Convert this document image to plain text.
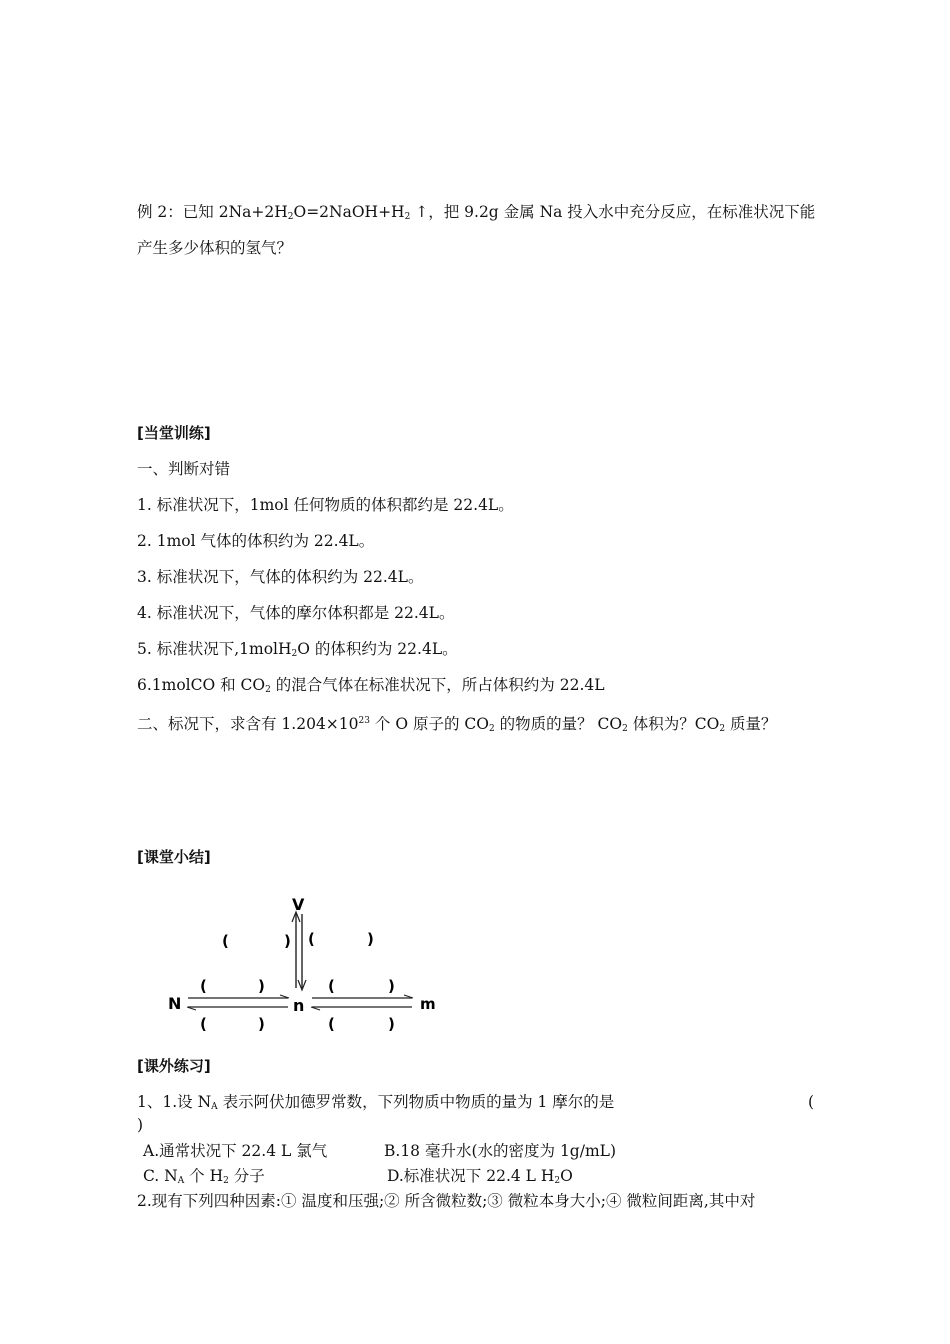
例 2：已知 $2Na+2H_2O=2NaOH+H_2$ ↑，把 9.2g 金属 Na 投入水中充分反应，在标准状况下能
产生多少体积的氢气？
[当堂训练]
一、判断对错
1. 标准状况下，1mol 任何物质的体积都约是 22.4L。
2. 1mol 气体的体积约为 22.4L。
3. 标准状况下，气体的体积约为 22.4L。
4. 标准状况下，气体的摩尔体积都是 22.4L。
5. 标准状况下,1molH$_2$O 的体积约为 22.4L。
6.1molCO 和 $CO_2$ 的混合气体在标准状况下，所占体积约为 22.4L
二、标况下，求含有 $1.204\times 10^{23}$ 个 O 原子的 $CO_2$ 的物质的量？ $CO_2$ 体积为？$CO_2$ 质量？
[课堂小结]
V
N	n	m
(	) (	)
(	)	(	)
(	)	(	)
[课外练习]
1、1.设 $N_A$ 表示阿伏加德罗常数，下列物质中物质的量为 1 摩尔的是	(
)
A.通常状况下 22.4 L 氯气	B.18 毫升水(水的密度为 1g/mL)
C. $N_A$ 个 $H_2$ 分子	D.标准状况下 22.4 L $H_2O$
2.现有下列四种因素:① 温度和压强;② 所含微粒数;③ 微粒本身大小;④ 微粒间距离,其中对
